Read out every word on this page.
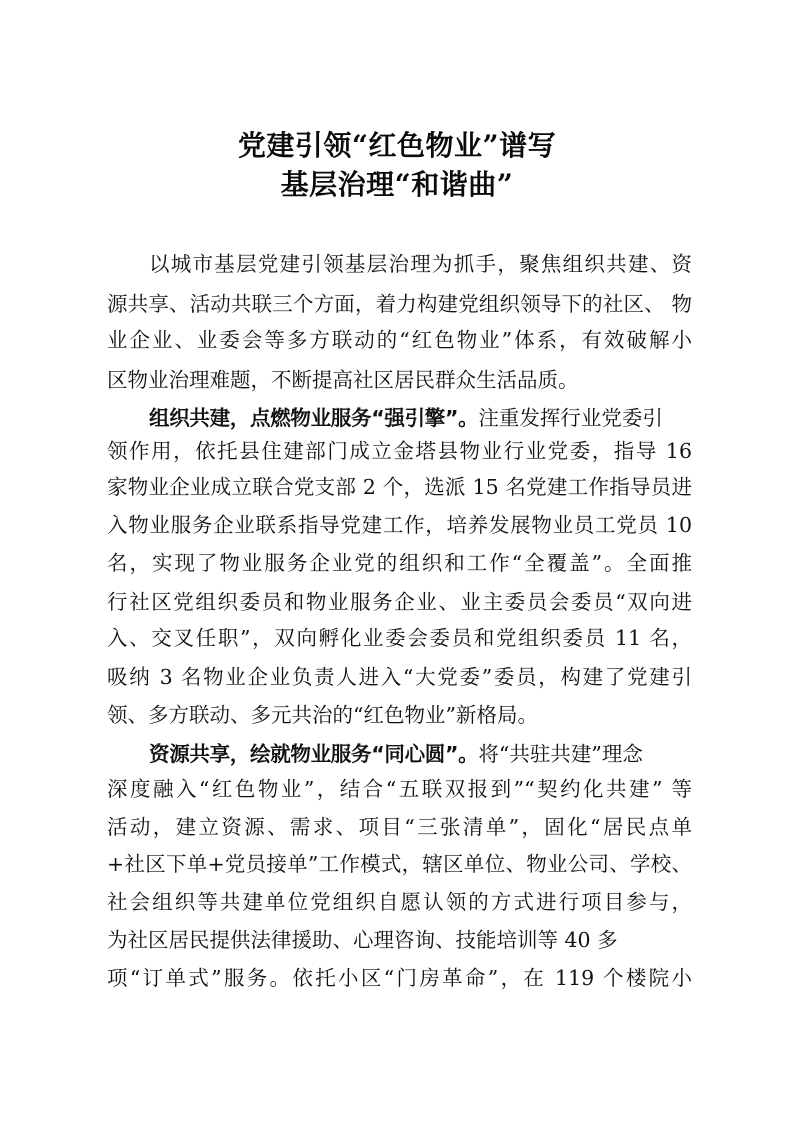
党建引领“红色物业”谱写
基层治理“和谐曲”
以城市基层党建引领基层治理为抓手，聚焦组织共建、资
源共享、活动共联三个方面，着力构建党组织领导下的社区、 物
业企业、业委会等多方联动的“红色物业”体系，有效破解小
区物业治理难题，不断提高社区居民群众生活品质。
组织共建，点燃物业服务“强引擎”。注重发挥行业党委引
领作用，依托县住建部门成立金塔县物业行业党委，指导 16
家物业企业成立联合党支部 2 个，选派 15 名党建工作指导员进
入物业服务企业联系指导党建工作，培养发展物业员工党员 10
名，实现了物业服务企业党的组织和工作“全覆盖”。全面推
行社区党组织委员和物业服务企业、业主委员会委员“双向进
入、交叉任职”，双向孵化业委会委员和党组织委员 11 名，
吸纳 3 名物业企业负责人进入“大党委”委员，构建了党建引
领、多方联动、多元共治的“红色物业”新格局。
资源共享，绘就物业服务“同心圆”。将“共驻共建”理念
深度融入“红色物业”，结合“五联双报到”“契约化共建” 等
活动，建立资源、需求、项目“三张清单”，固化“居民点单
+社区下单+党员接单”工作模式，辖区单位、物业公司、学校、
社会组织等共建单位党组织自愿认领的方式进行项目参与，
为社区居民提供法律援助、心理咨询、技能培训等 40 多
项“订单式”服务。依托小区“门房革命”，在 119 个楼院小
